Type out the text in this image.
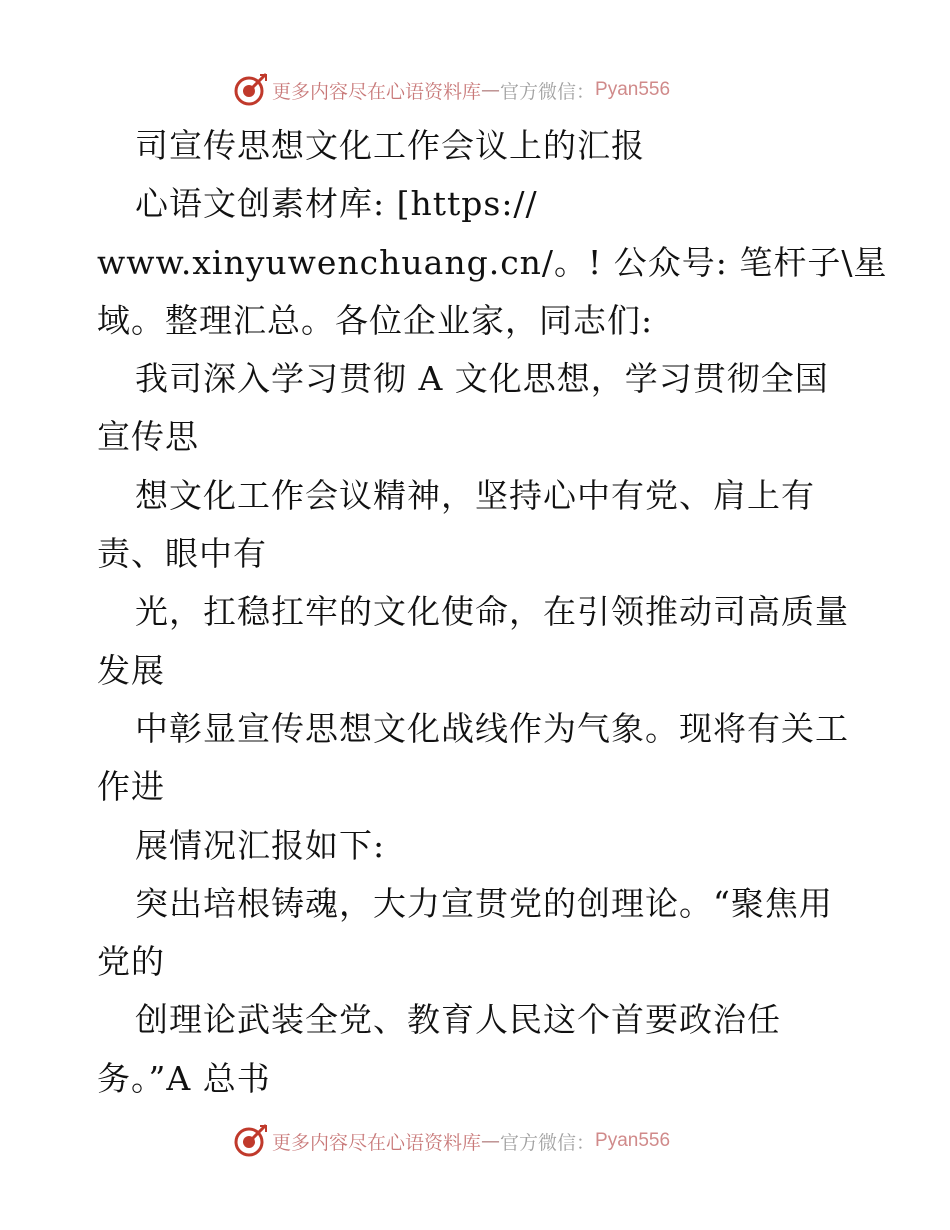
更多内容尽在心语资料库 — 官方微信： Pyan556
司宣传思想文化工作会议上的汇报
心语文创素材库: [https://
www.xinyuwenchuang.cn/。! 公众号: 笔杆子\星
域。整理汇总。各位企业家，同志们:
我司深入学习贯彻 A 文化思想，学习贯彻全国
宣传思
想文化工作会议精神，坚持心中有党、肩上有
责、眼中有
光，扛稳扛牢的文化使命，在引领推动司高质量
发展
中彰显宣传思想文化战线作为气象。现将有关工
作进
展情况汇报如下:
突出培根铸魂，大力宣贯党的创理论。“聚焦用
党的
创理论武装全党、教育人民这个首要政治任
务。”A 总书
更多内容尽在心语资料库 — 官方微信： Pyan556
